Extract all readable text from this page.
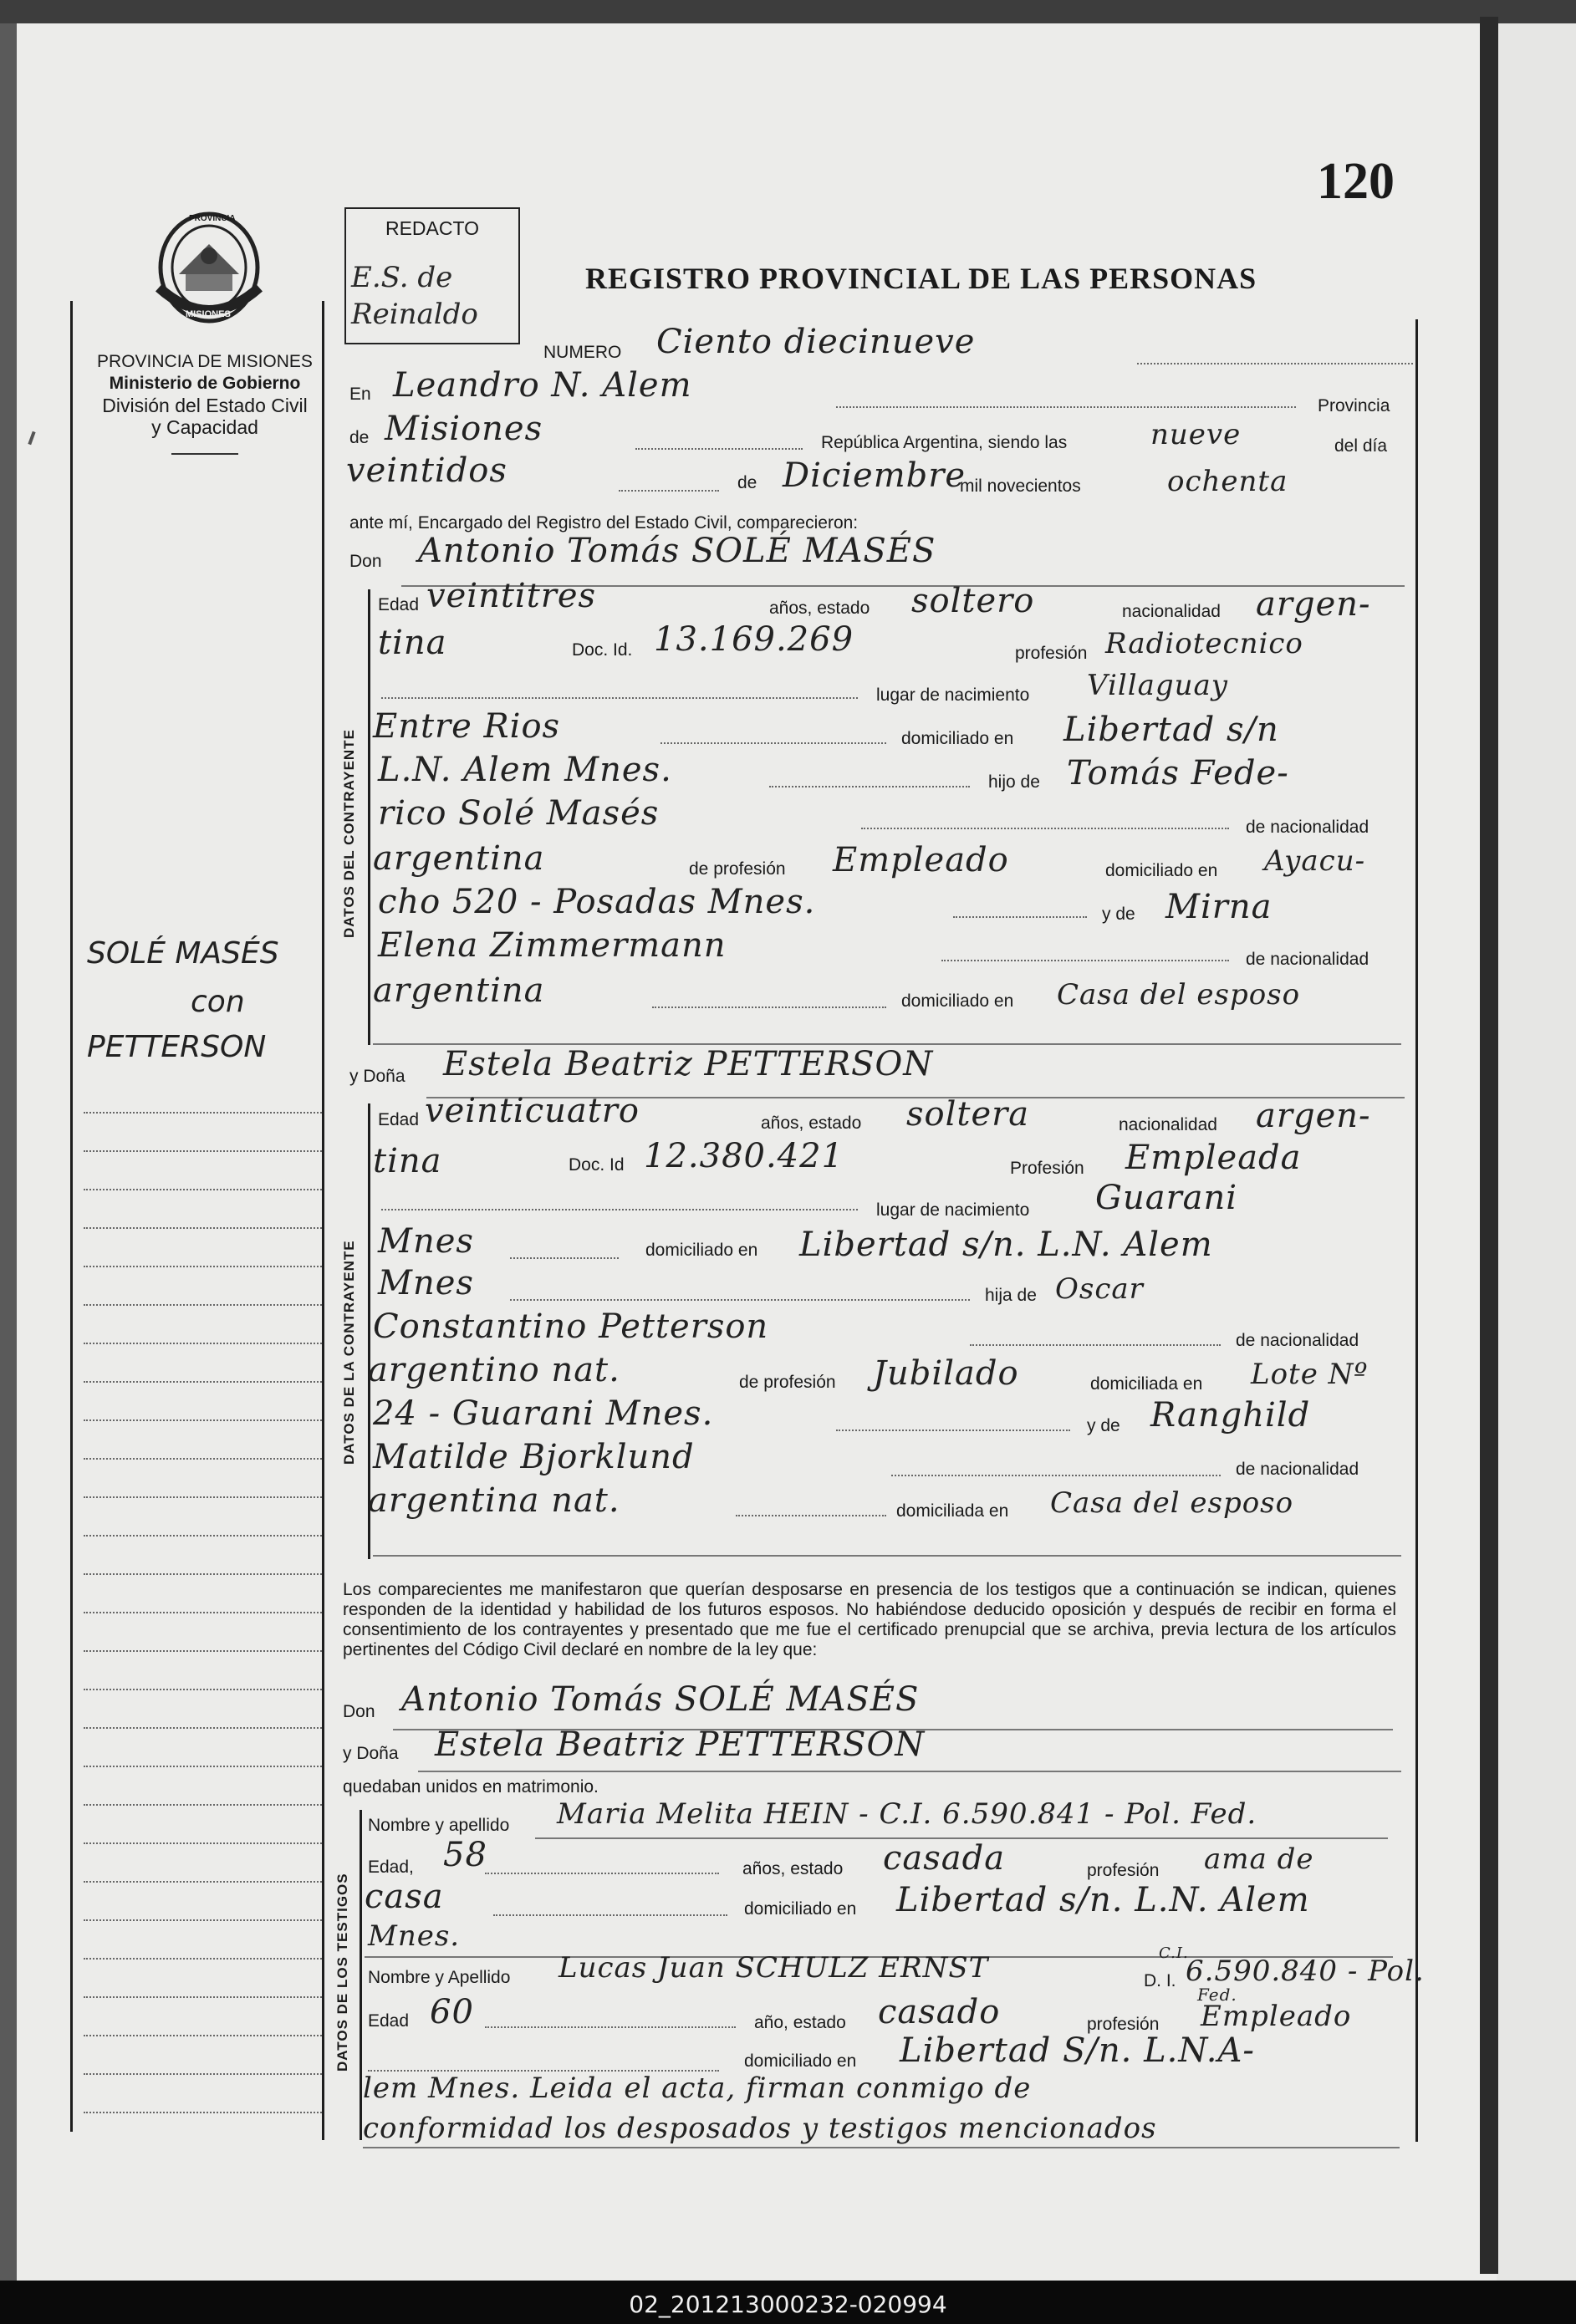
120
PROVINCIA
MISIONES
PROVINCIA DE MISIONES
Ministerio de Gobierno
División del Estado Civil
y Capacidad
REDACTO
E.S. de
Reinaldo
REGISTRO PROVINCIAL DE LAS PERSONAS
SOLÉ MASÉS
con
PETTERSON
DATOS DEL CONTRAYENTE
DATOS DE LA CONTRAYENTE
DATOS DE LOS TESTIGOS
NUMERO Ciento diecinueve
En Leandro N. Alem
Provincia
de Misiones	República Argentina, siendo las	nueve	del día
veintidos	de Diciembre
mil novecientos	ochenta
ante mí, Encargado del Registro del Estado Civil, comparecieron:
Don Antonio Tomás SOLÉ MASÉS
Edad veintitres	años, estado soltero	nacionalidad argen-
tina	Doc. Id. 13.169.269	profesión Radiotecnico
lugar de nacimiento Villaguay
Entre Rios	domiciliado en Libertad s/n
L.N. Alem Mnes.	hijo de Tomás Fede-
rico Solé Masés	de nacionalidad
argentina	de profesión Empleado	domiciliado en Ayacu-
cho 520 - Posadas Mnes.	y de Mirna
Elena Zimmermann	de nacionalidad
argentina	domiciliado en Casa del esposo
y Doña Estela Beatriz PETTERSON
Edad veinticuatro	años, estado soltera	nacionalidad argen-
tina	Doc. Id 12.380.421	Profesión Empleada
lugar de nacimiento Guarani
Mnes	domiciliado en Libertad s/n. L.N. Alem
Mnes	hija de Oscar
Constantino Petterson	de nacionalidad
argentino nat.	de profesión Jubilado	domiciliada en Lote Nº
24 - Guarani Mnes.	y de Ranghild
Matilde Bjorklund	de nacionalidad
argentina nat.	domiciliada en Casa del esposo
Los comparecientes me manifestaron que querían desposarse en presencia de los testigos que a continuación se indican, quienes responden de la identidad y habilidad de los futuros esposos. No habiéndose deducido oposición y después de recibir en forma el consentimiento de los contrayentes y presentado que me fue el certificado prenupcial que se archiva, previa lectura de los artículos pertinentes del Código Civil declaré en nombre de la ley que:
Don Antonio Tomás SOLÉ MASÉS
y Doña Estela Beatriz PETTERSON
quedaban unidos en matrimonio.
Nombre y apellido Maria Melita HEIN - C.I. 6.590.841 - Pol. Fed.
Edad, 58	años, estado casada	profesión ama de
casa	domiciliado en Libertad s/n. L.N. Alem
Mnes.
Nombre y Apellido Lucas Juan SCHULZ ERNST	C.I.
D. I. 6.590.840 - Pol.
Edad 60	año, estado casado	profesión
Fed.
Empleado
domiciliado en Libertad S/n. L.N.A-
lem Mnes. Leida el acta, firman conmigo de
conformidad los desposados y testigos mencionados
02_201213000232-020994
